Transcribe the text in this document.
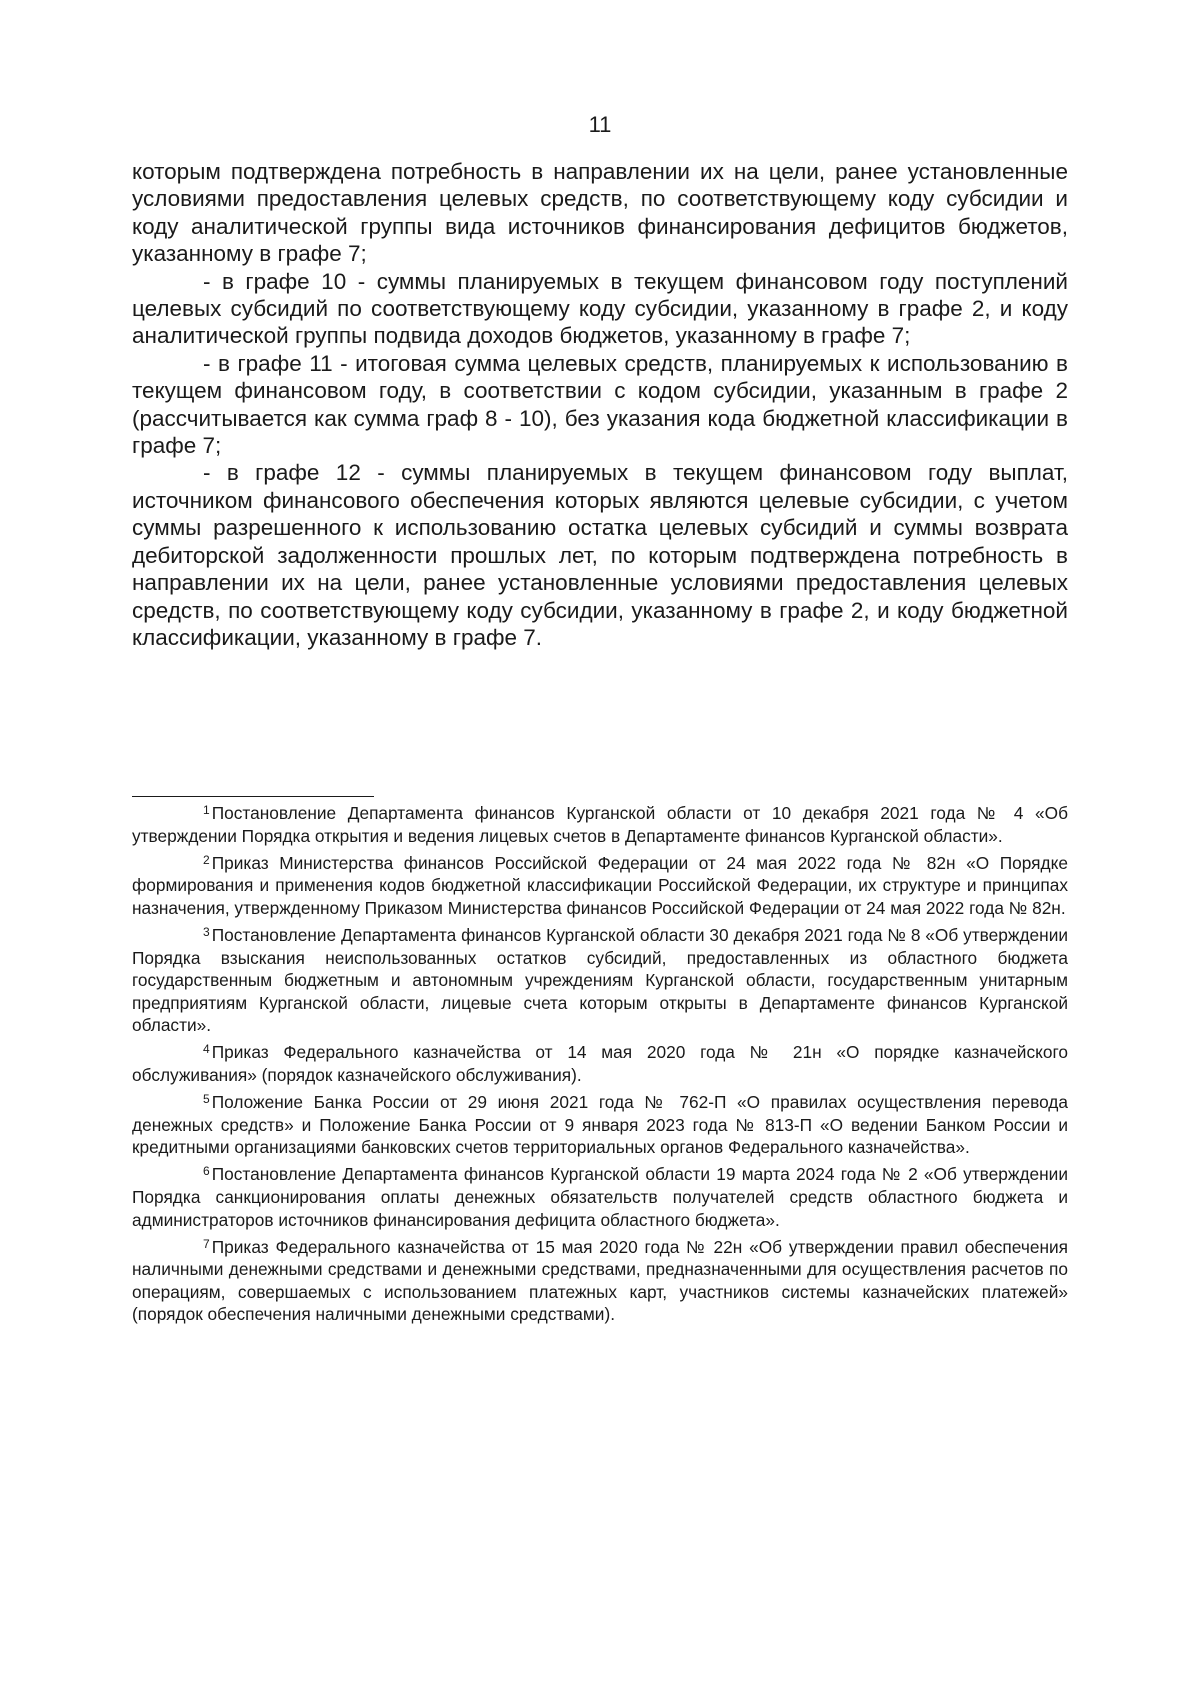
11

которым подтверждена потребность в направлении их на цели, ранее установленные условиями предоставления целевых средств, по соответствующему коду субсидии и коду аналитической группы вида источников финансирования дефицитов бюджетов, указанному в графе 7;

- в графе 10 - суммы планируемых в текущем финансовом году поступлений целевых субсидий по соответствующему коду субсидии, указанному в графе 2, и коду аналитической группы подвида доходов бюджетов, указанному в графе 7;

- в графе 11 - итоговая сумма целевых средств, планируемых к использованию в текущем финансовом году, в соответствии с кодом субсидии, указанным в графе 2 (рассчитывается как сумма граф 8 - 10), без указания кода бюджетной классификации в графе 7;

- в графе 12 - суммы планируемых в текущем финансовом году выплат, источником финансового обеспечения которых являются целевые субсидии, с учетом суммы разрешенного к использованию остатка целевых субсидий и суммы возврата дебиторской задолженности прошлых лет, по которым подтверждена потребность в направлении их на цели, ранее установленные условиями предоставления целевых средств, по соответствующему коду субсидии, указанному в графе 2, и коду бюджетной классификации, указанному в графе 7.

$^1$ Постановление Департамента финансов Курганской области от 10 декабря 2021 года № 4 «Об утверждении Порядка открытия и ведения лицевых счетов в Департаменте финансов Курганской области».

$^2$ Приказ Министерства финансов Российской Федерации от 24 мая 2022 года № 82н «О Порядке формирования и применения кодов бюджетной классификации Российской Федерации, их структуре и принципах назначения, утвержденному Приказом Министерства финансов Российской Федерации от 24 мая 2022 года № 82н.

$^3$ Постановление Департамента финансов Курганской области 30 декабря 2021 года № 8 «Об утверждении Порядка взыскания неиспользованных остатков субсидий, предоставленных из областного бюджета государственным бюджетным и автономным учреждениям Курганской области, государственным унитарным предприятиям Курганской области, лицевые счета которым открыты в Департаменте финансов Курганской области».

$^4$ Приказ Федерального казначейства от 14 мая 2020 года № 21н «О порядке казначейского обслуживания» (порядок казначейского обслуживания).

$^5$ Положение Банка России от 29 июня 2021 года № 762-П «О правилах осуществления перевода денежных средств» и Положение Банка России от 9 января 2023 года № 813-П «О ведении Банком России и кредитными организациями банковских счетов территориальных органов Федерального казначейства».

$^6$ Постановление Департамента финансов Курганской области 19 марта 2024 года № 2 «Об утверждении Порядка санкционирования оплаты денежных обязательств получателей средств областного бюджета и администраторов источников финансирования дефицита областного бюджета».

$^7$ Приказ Федерального казначейства от 15 мая 2020 года № 22н «Об утверждении правил обеспечения наличными денежными средствами и денежными средствами, предназначенными для осуществления расчетов по операциям, совершаемых с использованием платежных карт, участников системы казначейских платежей» (порядок обеспечения наличными денежными средствами).
